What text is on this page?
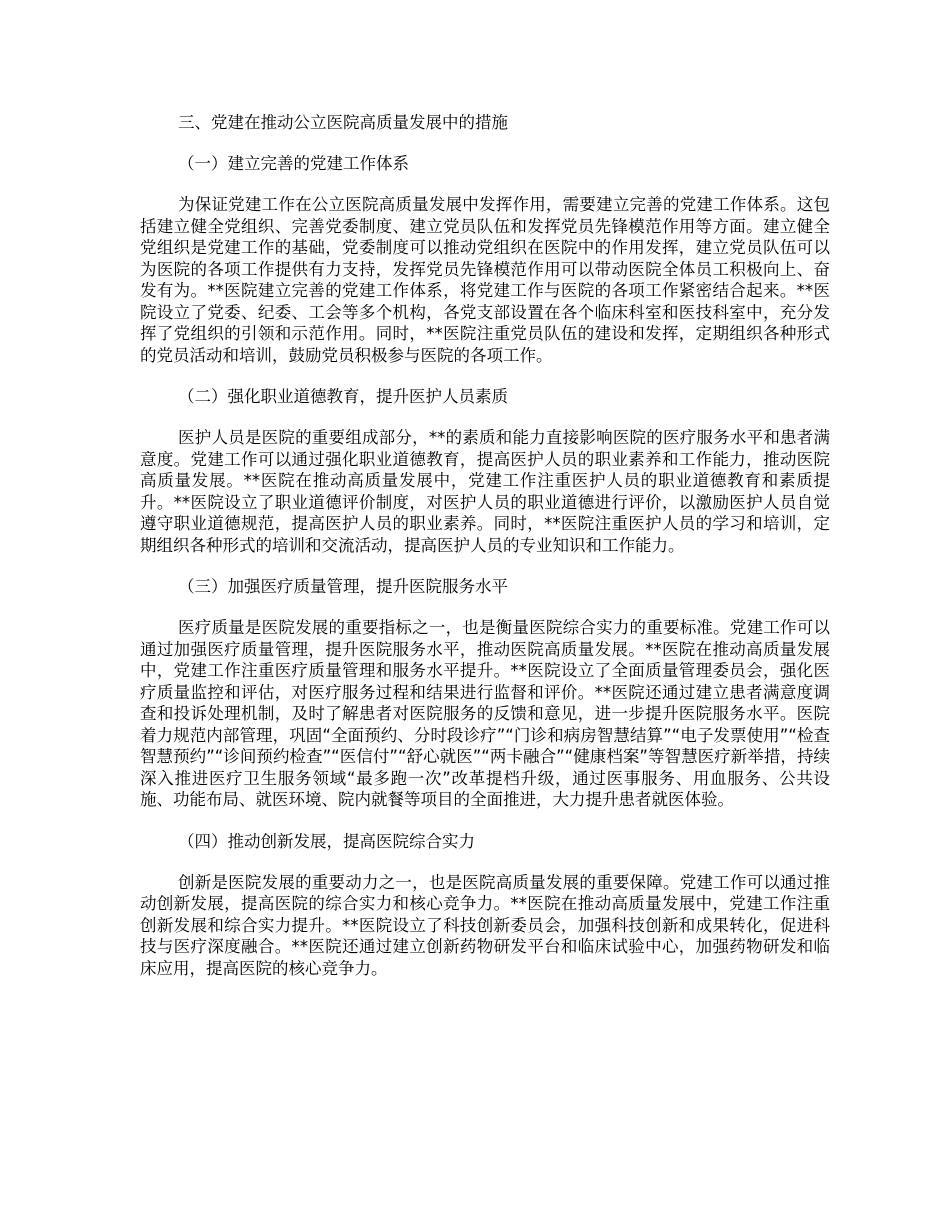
三、党建在推动公立医院高质量发展中的措施
（一）建立完善的党建工作体系

为保证党建工作在公立医院高质量发展中发挥作用，需要建立完善的党建工作体系。这包括建立健全党组织、完善党委制度、建立党员队伍和发挥党员先锋模范作用等方面。建立健全党组织是党建工作的基础，党委制度可以推动党组织在医院中的作用发挥，建立党员队伍可以为医院的各项工作提供有力支持，发挥党员先锋模范作用可以带动医院全体员工积极向上、奋发有为。**医院建立完善的党建工作体系，将党建工作与医院的各项工作紧密结合起来。**医院设立了党委、纪委、工会等多个机构，各党支部设置在各个临床科室和医技科室中，充分发挥了党组织的引领和示范作用。同时，**医院注重党员队伍的建设和发挥，定期组织各种形式的党员活动和培训，鼓励党员积极参与医院的各项工作。

（二）强化职业道德教育，提升医护人员素质

医护人员是医院的重要组成部分，**的素质和能力直接影响医院的医疗服务水平和患者满意度。党建工作可以通过强化职业道德教育，提高医护人员的职业素养和工作能力，推动医院高质量发展。**医院在推动高质量发展中，党建工作注重医护人员的职业道德教育和素质提升。**医院设立了职业道德评价制度，对医护人员的职业道德进行评价，以激励医护人员自觉遵守职业道德规范，提高医护人员的职业素养。同时，**医院注重医护人员的学习和培训，定期组织各种形式的培训和交流活动，提高医护人员的专业知识和工作能力。

（三）加强医疗质量管理，提升医院服务水平

医疗质量是医院发展的重要指标之一，也是衡量医院综合实力的重要标准。党建工作可以通过加强医疗质量管理，提升医院服务水平，推动医院高质量发展。**医院在推动高质量发展中，党建工作注重医疗质量管理和服务水平提升。**医院设立了全面质量管理委员会，强化医疗质量监控和评估，对医疗服务过程和结果进行监督和评价。**医院还通过建立患者满意度调查和投诉处理机制，及时了解患者对医院服务的反馈和意见，进一步提升医院服务水平。医院着力规范内部管理，巩固“全面预约、分时段诊疗”“门诊和病房智慧结算”“电子发票使用”“检查智慧预约”“诊间预约检查”“医信付”“舒心就医”“两卡融合”“健康档案”等智慧医疗新举措，持续深入推进医疗卫生服务领域“最多跑一次”改革提档升级，通过医事服务、用血服务、公共设施、功能布局、就医环境、院内就餐等项目的全面推进，大力提升患者就医体验。

（四）推动创新发展，提高医院综合实力

创新是医院发展的重要动力之一，也是医院高质量发展的重要保障。党建工作可以通过推动创新发展，提高医院的综合实力和核心竞争力。**医院在推动高质量发展中，党建工作注重创新发展和综合实力提升。**医院设立了科技创新委员会，加强科技创新和成果转化，促进科技与医疗深度融合。**医院还通过建立创新药物研发平台和临床试验中心，加强药物研发和临床应用，提高医院的核心竞争力。
